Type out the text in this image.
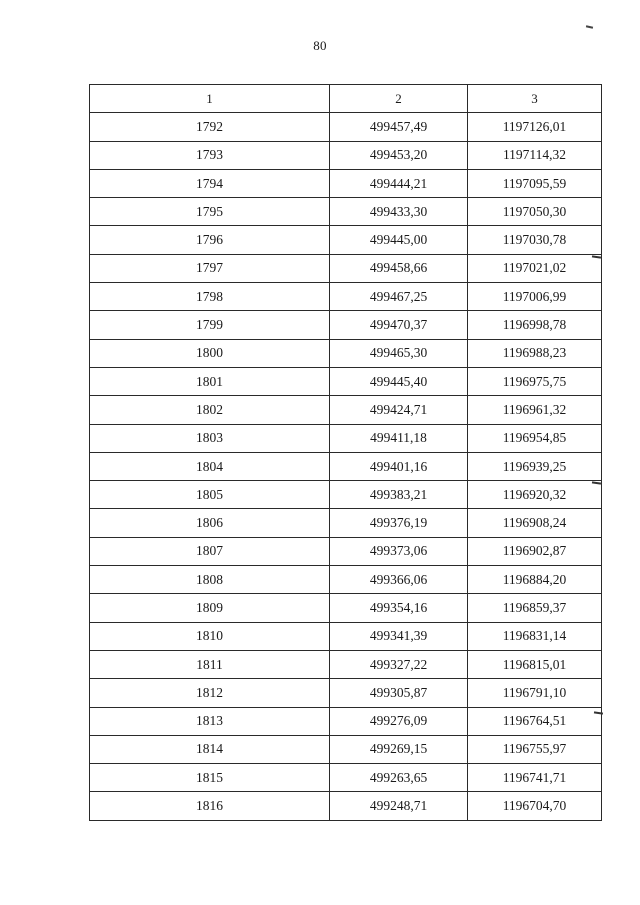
80
1	2	3
1792	499457,49	1197126,01
1793	499453,20	1197114,32
1794	499444,21	1197095,59
1795	499433,30	1197050,30
1796	499445,00	1197030,78
1797	499458,66	1197021,02
1798	499467,25	1197006,99
1799	499470,37	1196998,78
1800	499465,30	1196988,23
1801	499445,40	1196975,75
1802	499424,71	1196961,32
1803	499411,18	1196954,85
1804	499401,16	1196939,25
1805	499383,21	1196920,32
1806	499376,19	1196908,24
1807	499373,06	1196902,87
1808	499366,06	1196884,20
1809	499354,16	1196859,37
1810	499341,39	1196831,14
1811	499327,22	1196815,01
1812	499305,87	1196791,10
1813	499276,09	1196764,51
1814	499269,15	1196755,97
1815	499263,65	1196741,71
1816	499248,71	1196704,70
